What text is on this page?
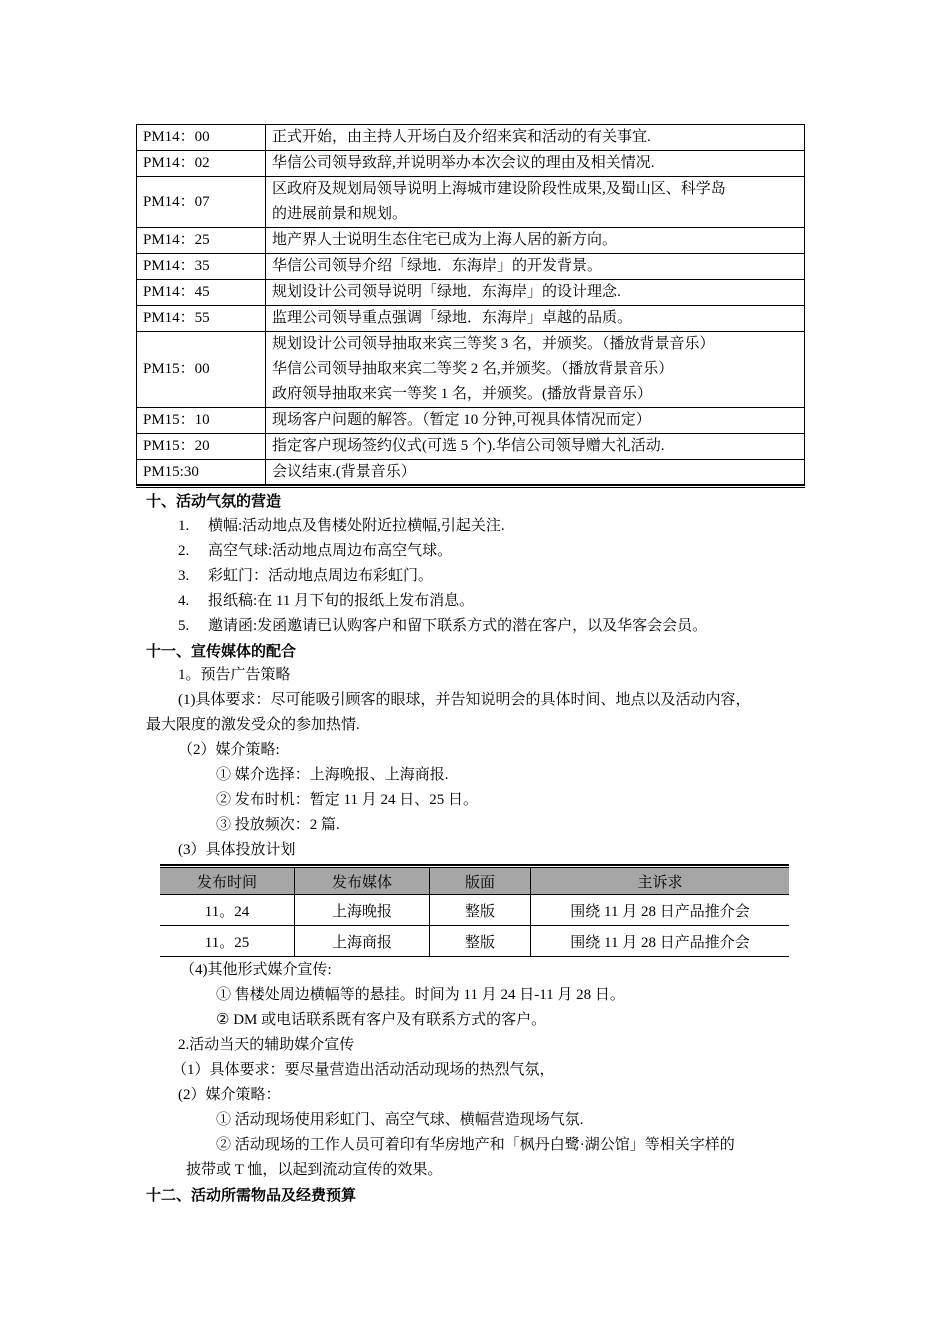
PM14：00	正式开始，由主持人开场白及介绍来宾和活动的有关事宜.

PM14：02	华信公司领导致辞,并说明举办本次会议的理由及相关情况.

PM14：07	区政府及规划局领导说明上海城市建设阶段性成果,及蜀山区、科学岛
的进展前景和规划。

PM14：25	地产界人士说明生态住宅已成为上海人居的新方向。

PM14：35	华信公司领导介绍「绿地．东海岸」的开发背景。

PM14：45	规划设计公司领导说明「绿地．东海岸」的设计理念.

PM14：55	监理公司领导重点强调「绿地．东海岸」卓越的品质。

PM15：00	规划设计公司领导抽取来宾三等奖 3 名，并颁奖。（播放背景音乐）
华信公司领导抽取来宾二等奖 2 名,并颁奖。（播放背景音乐）
政府领导抽取来宾一等奖 1 名，并颁奖。(播放背景音乐）

PM15：10	现场客户问题的解答。（暂定 10 分钟,可视具体情况而定）

PM15：20	指定客户现场签约仪式(可选 5 个).华信公司领导赠大礼活动.

PM15:30	会议结束.(背景音乐）
十、活动气氛的营造
1. 横幅:活动地点及售楼处附近拉横幅,引起关注.
2. 高空气球:活动地点周边布高空气球。
3. 彩虹门：活动地点周边布彩虹门。
4. 报纸稿:在 11 月下旬的报纸上发布消息。
5. 邀请函:发函邀请已认购客户和留下联系方式的潜在客户，以及华客会会员。
十一、宣传媒体的配合
1。预告广告策略
(1)具体要求：尽可能吸引顾客的眼球，并告知说明会的具体时间、地点以及活动内容，
最大限度的激发受众的参加热情.
（2）媒介策略:
① 媒介选择：上海晚报、上海商报.
② 发布时机：暂定 11 月 24 日、25 日。
③ 投放频次：2 篇.
(3）具体投放计划
发布时间	发布媒体	版面	主诉求
11。24	上海晚报	整版	围绕 11 月 28 日产品推介会
11。25	上海商报	整版	围绕 11 月 28 日产品推介会
（4)其他形式媒介宣传:
① 售楼处周边横幅等的悬挂。时间为 11 月 24 日-11 月 28 日。
② DM 或电话联系既有客户及有联系方式的客户。
2.活动当天的辅助媒介宣传
（1）具体要求：要尽量营造出活动活动现场的热烈气氛，
(2）媒介策略：
① 活动现场使用彩虹门、高空气球、横幅营造现场气氛.
② 活动现场的工作人员可着印有华房地产和「枫丹白鹭·湖公馆」等相关字样的
披带或 T 恤，以起到流动宣传的效果。
十二、活动所需物品及经费预算
